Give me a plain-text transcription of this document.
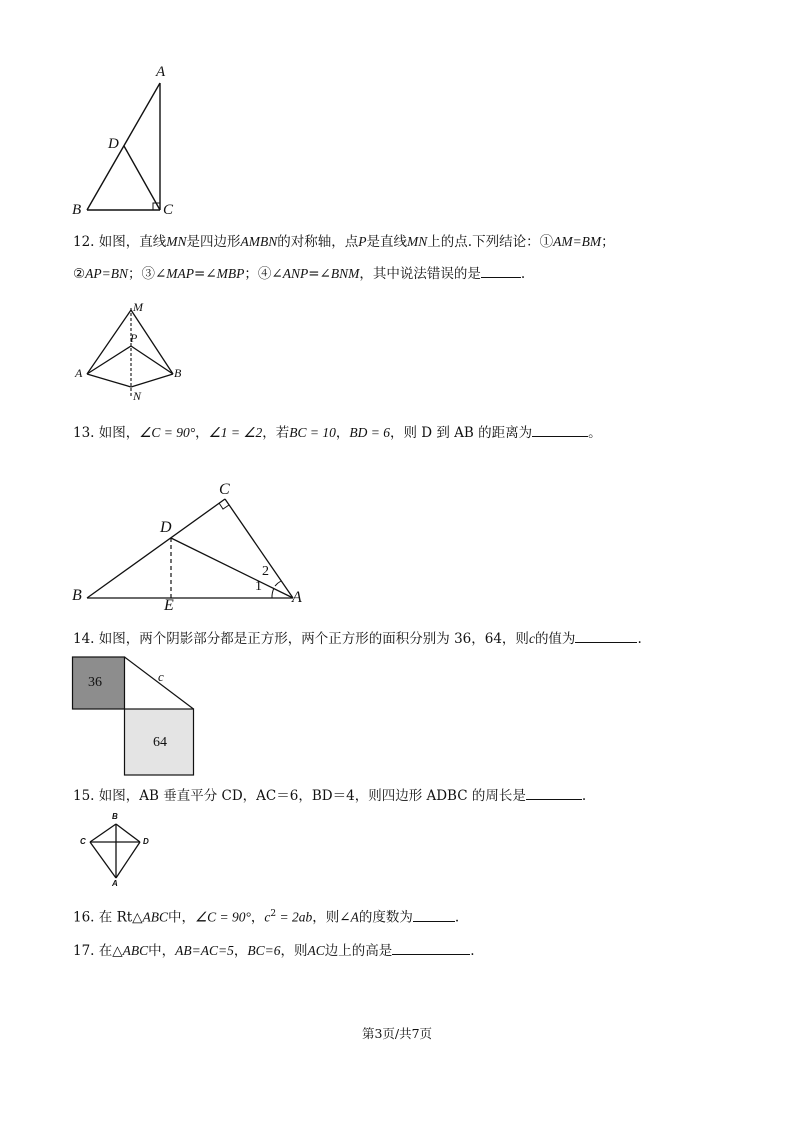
A
D
B	C
12. 如图，直线MN是四边形AMBN的对称轴，点P是直线MN上的点.下列结论：①AM=BM；
②AP=BN；③∠MAP=∠MBP；④∠ANP=∠BNM，其中说法错误的是	.
M
P
A	B
N
13. 如图，∠C = 90°，∠1 = ∠2，若BC = 10，BD = 6，则 D 到 AB 的距离为	。
C
D
B
E	A
1
2
14. 如图，两个阴影部分都是正方形，两个正方形的面积分别为 36，64，则c的值为	.
36
64
c
15. 如图，AB 垂直平分 CD，AC＝6，BD＝4，则四边形 ADBC 的周长是	.
B
C	D
A
16. 在 Rt△ABC中，∠C = 90°，$c^2 = 2ab$，则∠A的度数为	.
17. 在△ABC中，AB=AC=5，BC=6，则AC边上的高是	.
第3页/共7页
